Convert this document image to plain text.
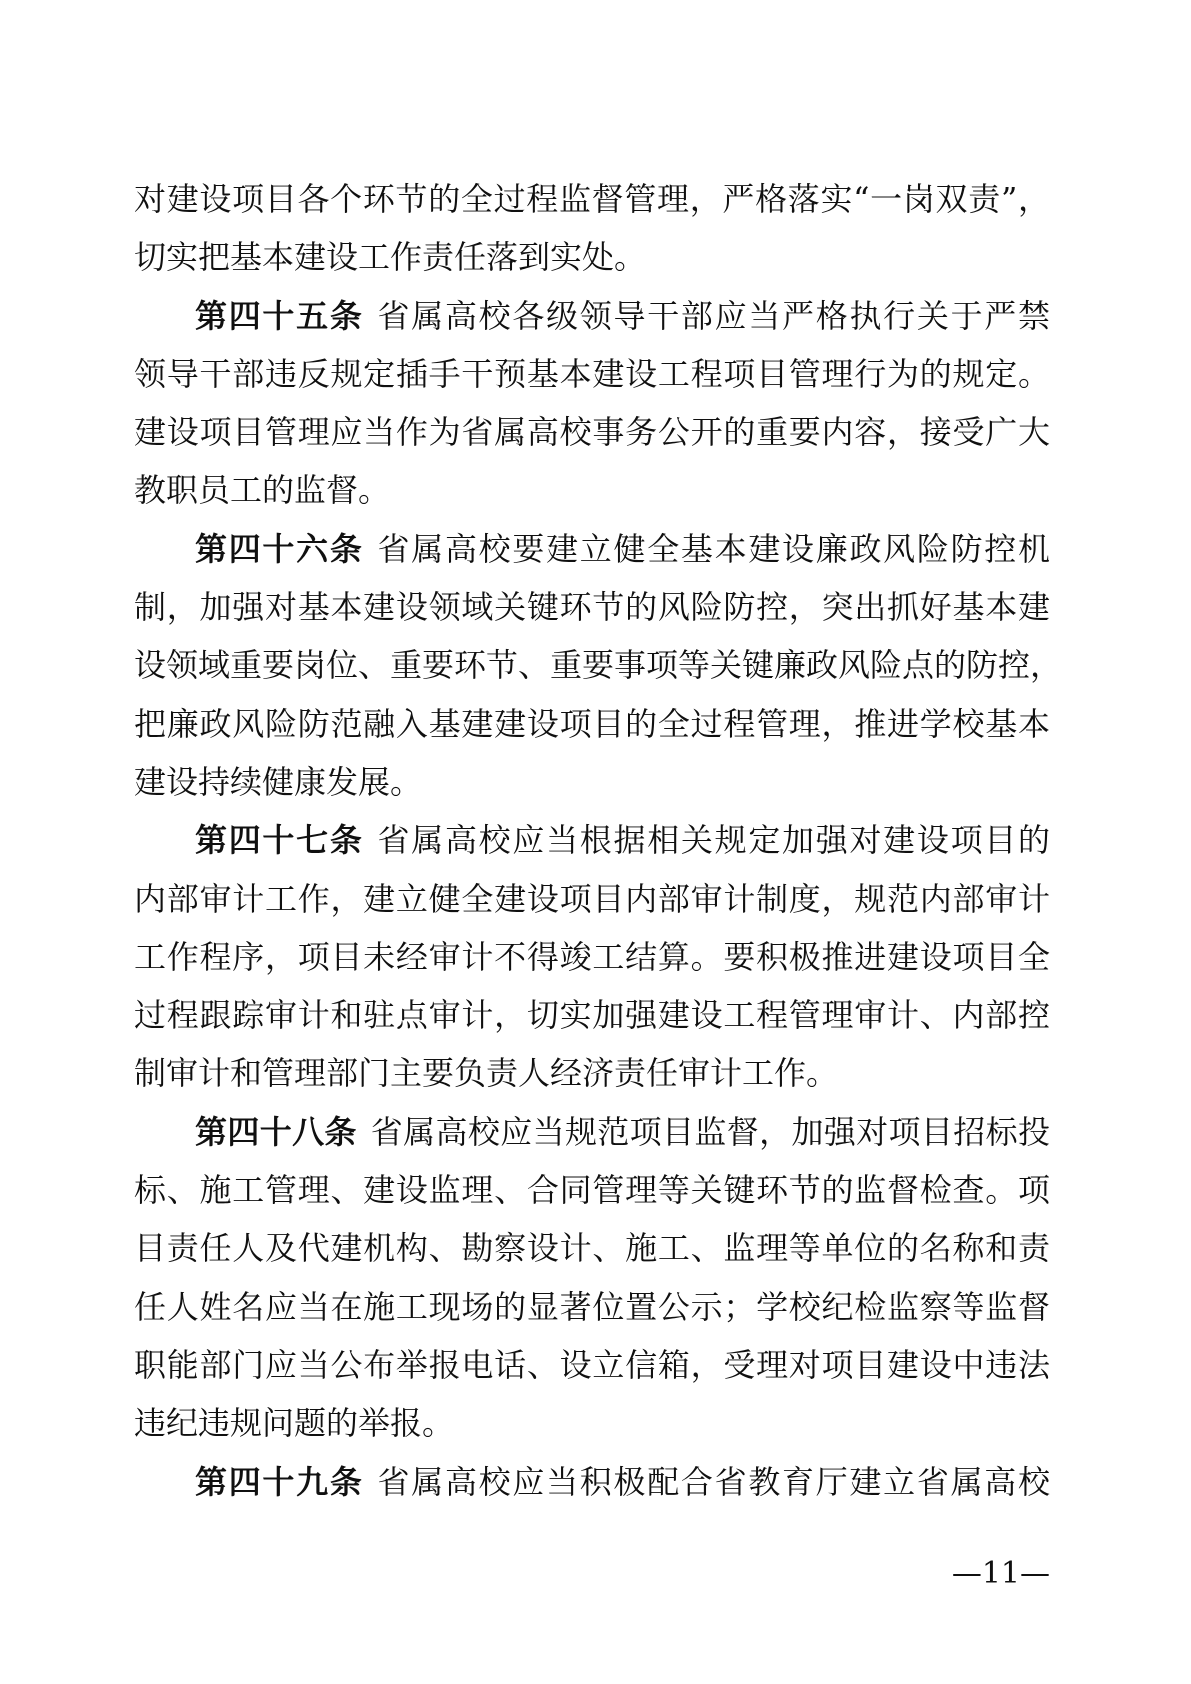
对建设项目各个环节的全过程监督管理，严格落实“一岗双责”，
切实把基本建设工作责任落到实处。
第四十五条 省属高校各级领导干部应当严格执行关于严禁
领导干部违反规定插手干预基本建设工程项目管理行为的规定。
建设项目管理应当作为省属高校事务公开的重要内容，接受广大
教职员工的监督。
第四十六条 省属高校要建立健全基本建设廉政风险防控机
制，加强对基本建设领域关键环节的风险防控，突出抓好基本建
设领域重要岗位、重要环节、重要事项等关键廉政风险点的防控，
把廉政风险防范融入基建建设项目的全过程管理，推进学校基本
建设持续健康发展。
第四十七条 省属高校应当根据相关规定加强对建设项目的
内部审计工作，建立健全建设项目内部审计制度，规范内部审计
工作程序，项目未经审计不得竣工结算。要积极推进建设项目全
过程跟踪审计和驻点审计，切实加强建设工程管理审计、内部控
制审计和管理部门主要负责人经济责任审计工作。
第四十八条 省属高校应当规范项目监督，加强对项目招标投
标、施工管理、建设监理、合同管理等关键环节的监督检查。项
目责任人及代建机构、勘察设计、施工、监理等单位的名称和责
任人姓名应当在施工现场的显著位置公示；学校纪检监察等监督
职能部门应当公布举报电话、设立信箱，受理对项目建设中违法
违纪违规问题的举报。
第四十九条 省属高校应当积极配合省教育厅建立省属高校
—11—
